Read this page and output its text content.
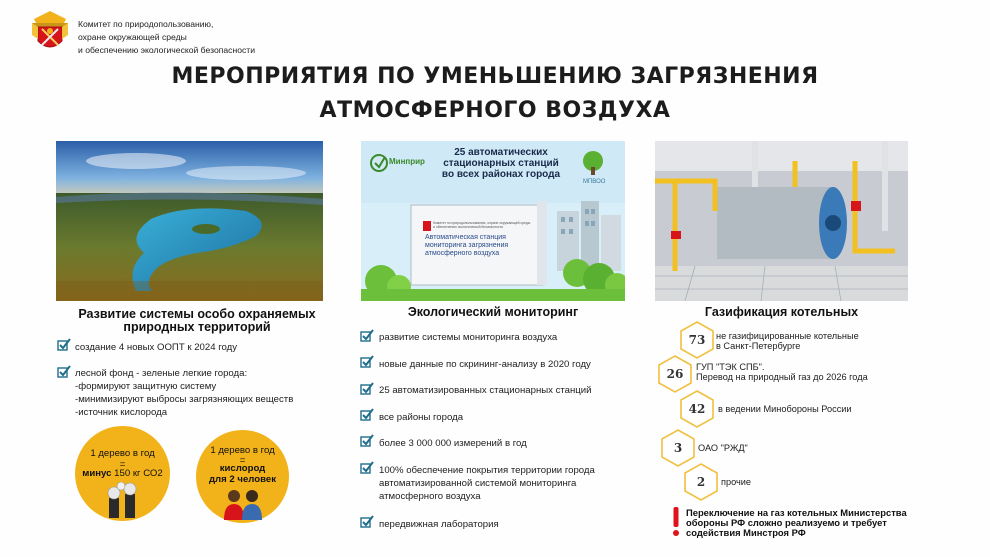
Комитет по природопользованию,
охране окружающей среды
и обеспечению экологической безопасности
МЕРОПРИЯТИЯ ПО УМЕНЬШЕНИЮ ЗАГРЯЗНЕНИЯ
АТМОСФЕРНОГО ВОЗДУХА
Развитие системы особо охраняемых
природных территорий
создание 4 новых ООПТ к 2024 году
лесной фонд - зеленые легкие города:
-формируют защитную систему
-минимизируют выбросы загрязняющих веществ
-источник кислорода
1 дерево в год
=
минус 150 кг СО2
1 дерево в год
=
кислород
для 2 человек
Минприр
МПВОО
25 автоматических
стационарных станций
во всех районах города
Комитет по природопользованию, охране окружающей среды и обеспечению экологической безопасности
Автоматическая станция
мониторинга загрязнения
атмосферного воздуха
Экологический мониторинг
развитие системы мониторинга воздуха
новые данные по скрининг-анализу в 2020 году
25 автоматизированных стационарных станций
все районы города
более 3 000 000 измерений в год
100% обеспечение покрытия территории города
автоматизированной системой мониторинга
атмосферного воздуха
передвижная лаборатория
Газификация котельных
73	не газифицированные котельные
в Санкт-Петербурге
26	ГУП "ТЭК СПБ".
Перевод на природный газ до 2026 года
42	в ведении Минобороны России
3	ОАО "РЖД"
2	прочие
Переключение на газ котельных Министерства
обороны РФ сложно реализуемо и требует
содействия Минстроя РФ
